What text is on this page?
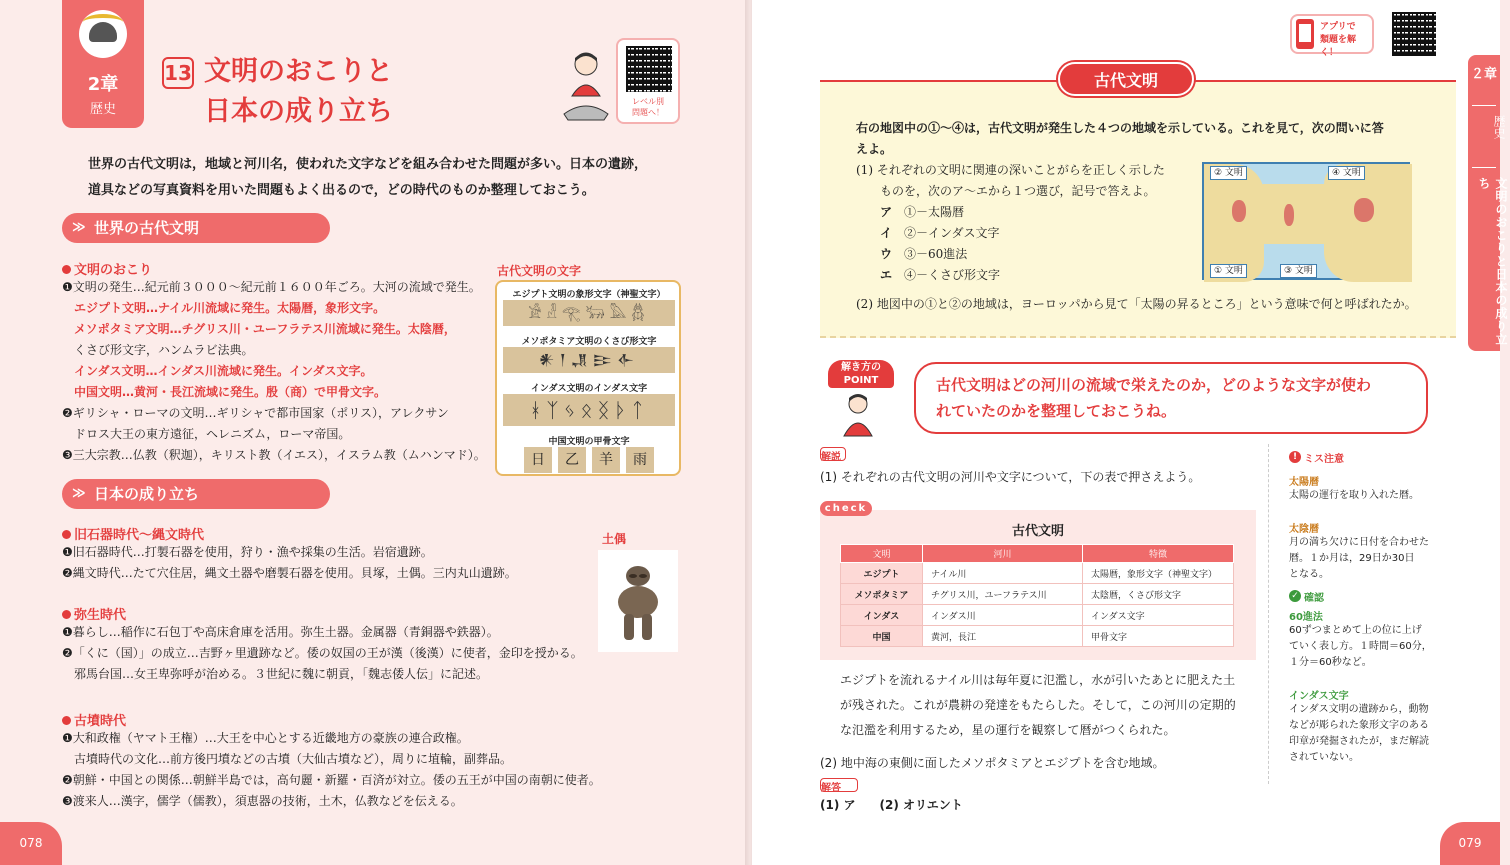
2章
歴史
13 文明のおこりと
日本の成り立ち	レベル別
問題へ！
世界の古代文明は，地域と河川名，使われた文字などを組み合わせた問題が多い。日本の遺跡，
道具などの写真資料を用いた問題もよく出るので，どの時代のものか整理しておこう。
≫ 世界の古代文明
文明のおこり
❶文明の発生…紀元前３０００～紀元前１６００年ごろ。大河の流域で発生。
エジプト文明…ナイル川流域に発生。太陽暦，象形文字。
メソポタミア文明…チグリス川・ユーフラテス川流域に発生。太陰暦，
くさび形文字，ハンムラビ法典。
インダス文明…インダス川流域に発生。インダス文字。
中国文明…黄河・長江流域に発生。殷（商）で甲骨文字。
❷ギリシャ・ローマの文明…ギリシャで都市国家（ポリス），アレクサン
ドロス大王の東方遠征，ヘレニズム，ローマ帝国。
❸三大宗教…仏教（釈迦），キリスト教（イエス），イスラム教（ムハンマド）。
古代文明の文字
エジプト文明の象形文字（神聖文字）
𓀀𓁐𓂀𓃒𓅓𓆣
メソポタミア文明のくさび形文字
𒀭𒁹𒂗𒄿𒅆
インダス文明のインダス文字
ᚼᛉᛃᛟᛝᚦᛏ
中国文明の甲骨文字
日	乙	羊	雨
≫ 日本の成り立ち
旧石器時代～縄文時代
❶旧石器時代…打製石器を使用，狩り・漁や採集の生活。岩宿遺跡。
❷縄文時代…たて穴住居，縄文土器や磨製石器を使用。貝塚，土偶。三内丸山遺跡。
土偶
弥生時代
❶暮らし…稲作に石包丁や高床倉庫を活用。弥生土器。金属器（青銅器や鉄器）。
❷「くに（国）」の成立…吉野ヶ里遺跡など。倭の奴国の王が漢（後漢）に使者，金印を授かる。
邪馬台国…女王卑弥呼が治める。３世紀に魏に朝貢，「魏志倭人伝」に記述。
古墳時代
❶大和政権（ヤマト王権）…大王を中心とする近畿地方の豪族の連合政権。
古墳時代の文化…前方後円墳などの古墳（大仙古墳など），周りに埴輪，副葬品。
❷朝鮮・中国との関係…朝鮮半島では，高句麗・新羅・百済が対立。倭の五王が中国の南朝に使者。
❸渡来人…漢字，儒学（儒教），須恵器の技術，土木，仏教などを伝える。
078
アプリで
類題を解く！
２章
歴史
文明のおこりと日本の成り立ち
右の地図中の①～④は，古代文明が発生した４つの地域を示している。これを見て，次の問いに答
えよ。
(1) それぞれの文明に関連の深いことがらを正しく示した
ものを，次のア～エから１つ選び，記号で答えよ。
ア　 ①－太陽暦
イ　 ②－インダス文字
ウ　 ③－60進法
エ　 ④－くさび形文字
(2) 地図中の①と②の地域は，ヨーロッパから見て「太陽の昇るところ」という意味で何と呼ばれたか。
② 文明	④ 文明
① 文明	③ 文明
古代文明
解き方の
POINT	古代文明はどの河川の流域で栄えたのか，どのような文字が使わ
れていたのかを整理しておこうね。
解説
(1) それぞれの古代文明の河川や文字について，下の表で押さえよう。
古代文明
文明	河川	特徴
エジプト	ナイル川	太陽暦，象形文字（神聖文字）
メソポタミア	チグリス川，ユーフラテス川	太陰暦，くさび形文字
インダス	インダス川	インダス文字
中国	黄河，長江	甲骨文字
check
エジプトを流れるナイル川は毎年夏に氾濫し，水が引いたあとに肥えた土
が残された。これが農耕の発達をもたらした。そして，この河川の定期的
な氾濫を利用するため，星の運行を観察して暦がつくられた。
(2) 地中海の東側に面したメソポタミアとエジプトを含む地域。
解答
(1) ア　　(2) オリエント
! ミス注意
太陽暦
太陽の運行を取り入れた暦。
太陰暦
月の満ち欠けに日付を合わせた
暦。１か月は，29日か30日
となる。
✓ 確認
60進法
60ずつまとめて上の位に上げ
ていく表し方。１時間＝60分，
１分＝60秒など。
インダス文字
インダス文明の遺跡から，動物
などが彫られた象形文字のある
印章が発掘されたが，まだ解読
されていない。
079
